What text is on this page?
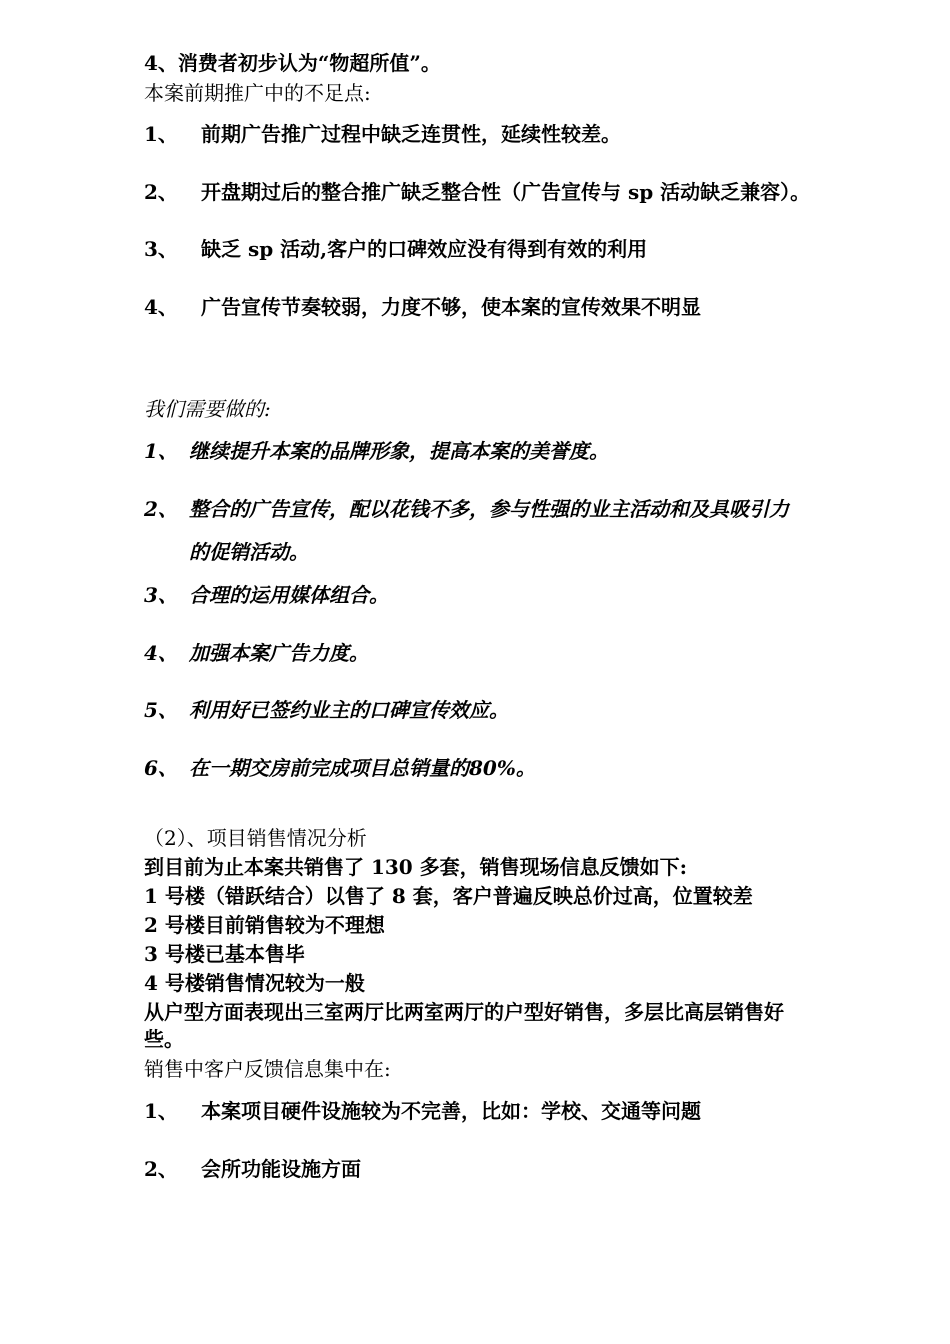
4、消费者初步认为“物超所值”。
本案前期推广中的不足点:
1、 前期广告推广过程中缺乏连贯性，延续性较差。
2、 开盘期过后的整合推广缺乏整合性（广告宣传与 sp 活动缺乏兼容）。
3、 缺乏 sp 活动,客户的口碑效应没有得到有效的利用
4、 广告宣传节奏较弱，力度不够，使本案的宣传效果不明显
我们需要做的:
1、 继续提升本案的品牌形象，提高本案的美誉度。
2、 整合的广告宣传，配以花钱不多，参与性强的业主活动和及具吸引力
的促销活动。
3、 合理的运用媒体组合。
4、 加强本案广告力度。
5、 利用好已签约业主的口碑宣传效应。
6、 在一期交房前完成项目总销量的80%。
（2）、项目销售情况分析
到目前为止本案共销售了 130 多套，销售现场信息反馈如下:
1 号楼（错跃结合）以售了 8 套，客户普遍反映总价过高，位置较差
2 号楼目前销售较为不理想
3 号楼已基本售毕
4 号楼销售情况较为一般
从户型方面表现出三室两厅比两室两厅的户型好销售，多层比高层销售好
些。
销售中客户反馈信息集中在:
1、 本案项目硬件设施较为不完善，比如：学校、交通等问题
2、 会所功能设施方面
